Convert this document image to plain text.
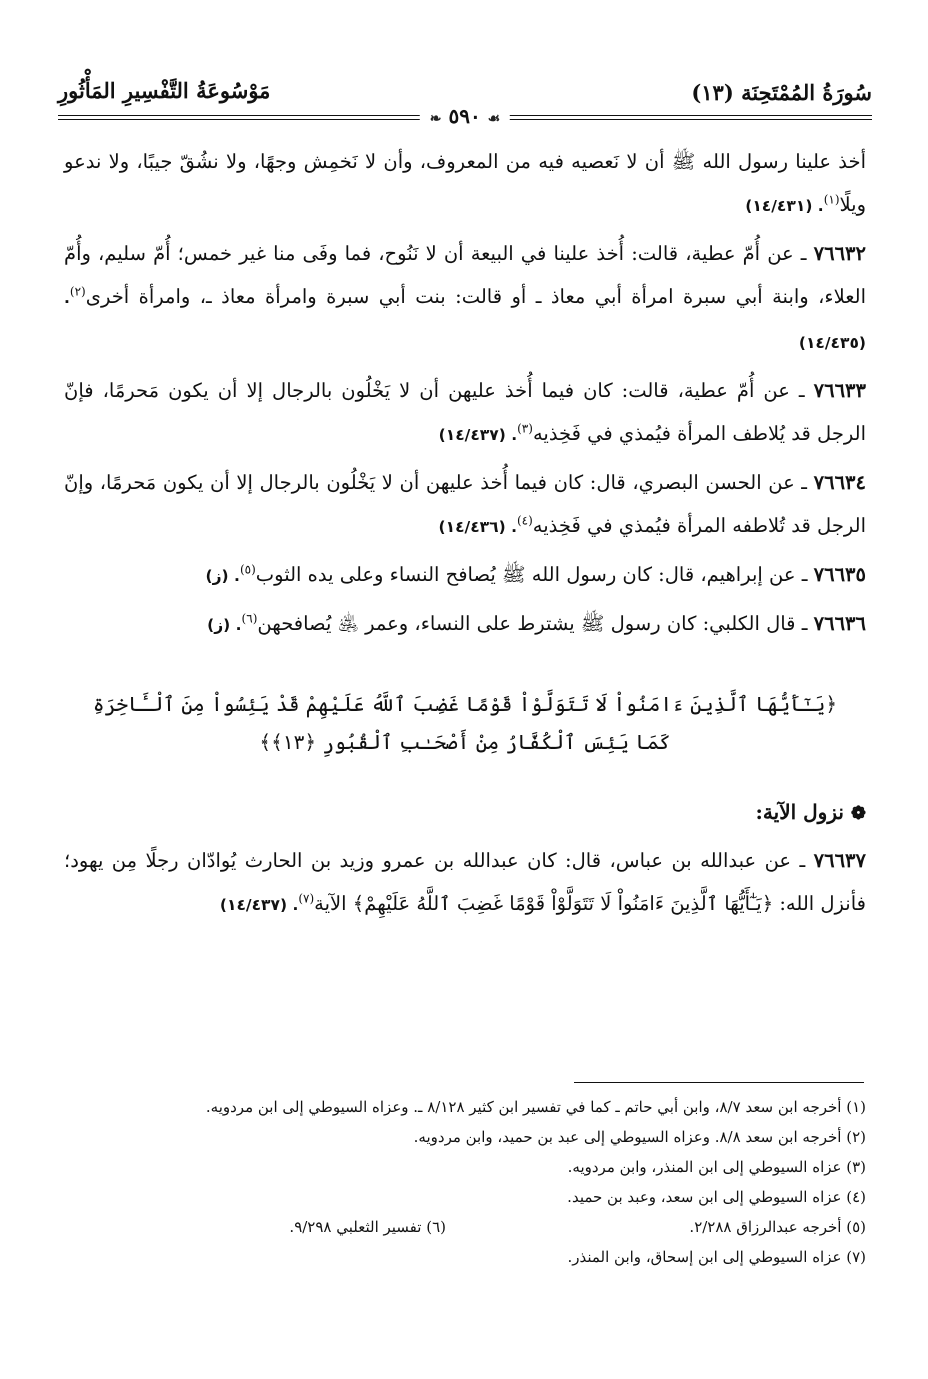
سُورَةُ المُمْتَحِنَة (١٣)
مَوْسُوعَةُ التَّفْسِيرِ المَأْثُورِ
❧ ٥٩٠ ☙

أخذ علينا رسول الله ﷺ أن لا نَعصيه فيه من المعروف، وأن لا نَخمِش وجهًا، ولا نشُقّ جيبًا، ولا ندعو ويلًا$^{(١)}$. (١٤/٤٣١)

٧٦٦٣٢ ـ عن أُمّ عطية، قالت: أُخذ علينا في البيعة أن لا نَنُوح، فما وفَى منا غير خمس؛ أُمّ سليم، وأُمّ العلاء، وابنة أبي سبرة امرأة أبي معاذ ـ أو قالت: بنت أبي سبرة وامرأة معاذ ـ، وامرأة أخرى$^{(٢)}$. (١٤/٤٣٥)

٧٦٦٣٣ ـ عن أُمّ عطية، قالت: كان فيما أُخذ عليهن أن لا يَخْلُون بالرجال إلا أن يكون مَحرمًا، فإنّ الرجل قد يُلاطف المرأة فيُمذي في فَخِذيه$^{(٣)}$. (١٤/٤٣٧)

٧٦٦٣٤ ـ عن الحسن البصري، قال: كان فيما أُخذ عليهن أن لا يَخْلُون بالرجال إلا أن يكون مَحرمًا، وإنّ الرجل قد تُلاطفه المرأة فيُمذي في فَخِذيه$^{(٤)}$. (١٤/٤٣٦)

٧٦٦٣٥ ـ عن إبراهيم، قال: كان رسول الله ﷺ يُصافح النساء وعلى يده الثوب$^{(٥)}$. (ز)

٧٦٦٣٦ ـ قال الكلبي: كان رسول ﷺ يشترط على النساء، وعمر ﵁ يُصافحهن$^{(٦)}$. (ز)

﴿يَـٰٓأَيُّهَا ٱلَّذِينَ ءَامَنُواْ لَا تَتَوَلَّوْاْ قَوْمًا غَضِبَ ٱللَّهُ عَلَيْهِمْ قَدْ يَئِسُواْ مِنَ ٱلْـَٔاخِرَةِ
كَمَا يَئِسَ ٱلْكُفَّارُ مِنْ أَصْحَـٰبِ ٱلْقُبُورِ ﴿١٣﴾﴾
❁ نزول الآية:

٧٦٦٣٧ ـ عن عبدالله بن عباس، قال: كان عبدالله بن عمرو وزيد بن الحارث يُوادّان رجلًا مِن يهود؛ فأنزل الله: ﴿يَـٰٓأَيُّهَا ٱلَّذِينَ ءَامَنُواْ لَا تَتَوَلَّوْاْ قَوْمًا غَضِبَ ٱللَّهُ عَلَيْهِمْ﴾ الآية$^{(٧)}$. (١٤/٤٣٧)

(١) أخرجه ابن سعد ٨/٧، وابن أبي حاتم ـ كما في تفسير ابن كثير ٨/١٢٨ ـ. وعزاه السيوطي إلى ابن مردويه.

(٢) أخرجه ابن سعد ٨/٨. وعزاه السيوطي إلى عبد بن حميد، وابن مردويه.

(٣) عزاه السيوطي إلى ابن المنذر، وابن مردويه.

(٤) عزاه السيوطي إلى ابن سعد، وعبد بن حميد.

(٥) أخرجه عبدالرزاق ٢/٢٨٨.

(٦) تفسير الثعلبي ٩/٢٩٨.

(٧) عزاه السيوطي إلى ابن إسحاق، وابن المنذر.
